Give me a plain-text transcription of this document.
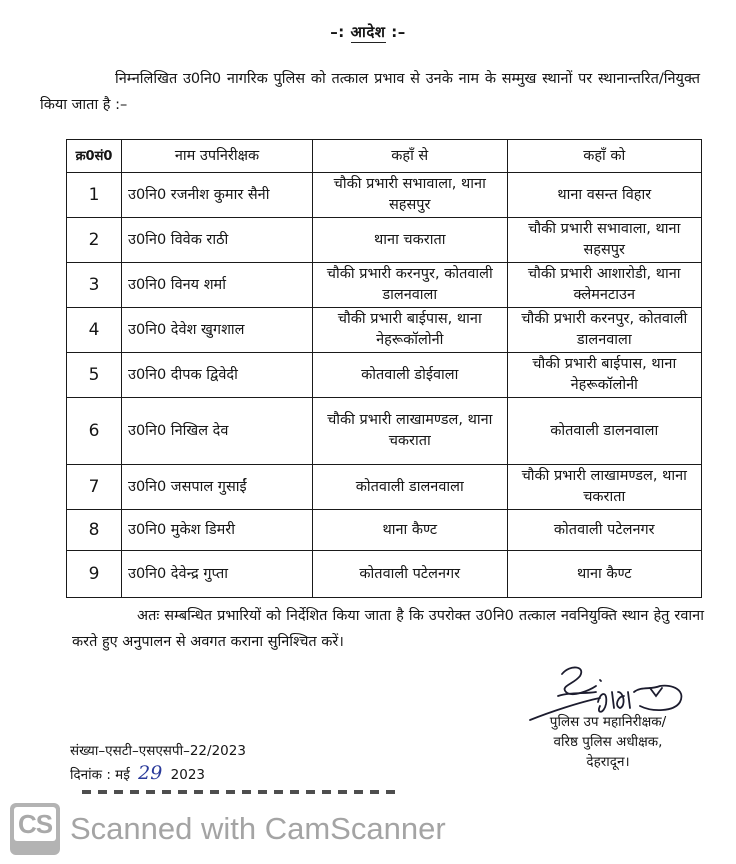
–: आदेश :–
निम्नलिखित उ0नि0 नागरिक पुलिस को तत्काल प्रभाव से उनके नाम के सम्मुख स्थानों पर स्थानान्तरित/नियुक्त किया जाता है :–
क्र0सं0	नाम उपनिरीक्षक	कहाँ से	कहाँ को
1	उ0नि0 रजनीश कुमार सैनी	चौकी प्रभारी सभावाला, थाना सहसपुर	थाना वसन्त विहार
2	उ0नि0 विवेक राठी	थाना चकराता	चौकी प्रभारी सभावाला, थाना सहसपुर
3	उ0नि0 विनय शर्मा	चौकी प्रभारी करनपुर, कोतवाली डालनवाला	चौकी प्रभारी आशारोडी, थाना क्लेमनटाउन
4	उ0नि0 देवेश खुगशाल	चौकी प्रभारी बाईपास, थाना नेहरूकॉलोनी	चौकी प्रभारी करनपुर, कोतवाली डालनवाला
5	उ0नि0 दीपक द्विवेदी	कोतवाली डोईवाला	चौकी प्रभारी बाईपास, थाना नेहरूकॉलोनी
6	उ0नि0 निखिल देव	चौकी प्रभारी लाखामण्डल, थाना चकराता	कोतवाली डालनवाला
7	उ0नि0 जसपाल गुसाईं	कोतवाली डालनवाला	चौकी प्रभारी लाखामण्डल, थाना चकराता
8	उ0नि0 मुकेश डिमरी	थाना कैण्ट	कोतवाली पटेलनगर
9	उ0नि0 देवेन्द्र गुप्ता	कोतवाली पटेलनगर	थाना कैण्ट
अतः सम्बन्धित प्रभारियों को निर्देशित किया जाता है कि उपरोक्त उ0नि0 तत्काल नवनियुक्ति स्थान हेतु रवाना करते हुए अनुपालन से अवगत कराना सुनिश्चित करें।
पुलिस उप महानिरीक्षक/
वरिष्ठ पुलिस अधीक्षक,
देहरादून।
संख्या–एसटी–एसएसपी–22/2023
दिनांक : मई 29 2023
CS Scanned with CamScanner
